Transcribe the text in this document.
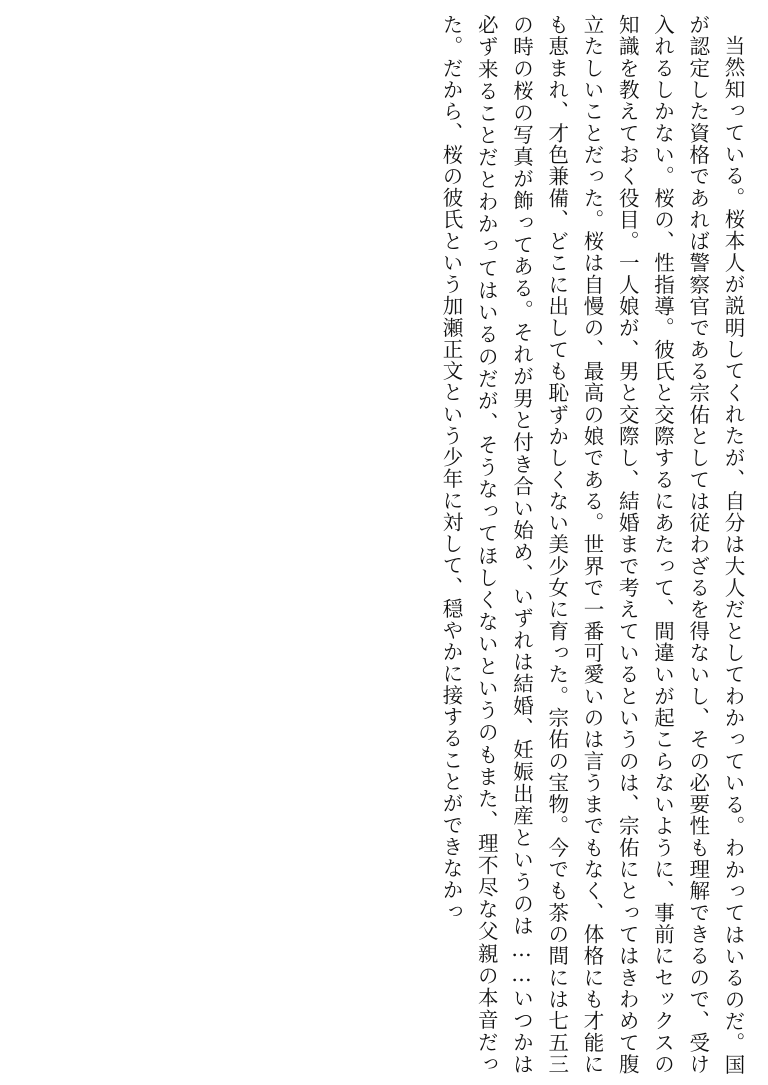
当然知っている。桜本人が説明してくれたが、自分は大人だとしてわかっている。わかってはいるのだ。国が認定した資格であれば警察官である宗佑としては従わざるを得ないし、その必要性も理解できるので、受け入れるしかない。桜の、性指導。彼氏と交際するにあたって、間違いが起こらないように、事前にセックスの知識を教えておく役目。一人娘が、男と交際し、結婚まで考えているというのは、宗佑にとってはきわめて腹立たしいことだった。桜は自慢の、最高の娘である。世界で一番可愛いのは言うまでもなく、体格にも才能にも恵まれ、才色兼備、どこに出しても恥ずかしくない美少女に育った。宗佑の宝物。今でも茶の間には七五三の時の桜の写真が飾ってある。それが男と付き合い始め、いずれは結婚、妊娠出産というのは……いつかは必ず来ることだとわかってはいるのだが、そうなってほしくないというのもまた、理不尽な父親の本音だった。だから、桜の彼氏という加瀬正文という少年に対して、穏やかに接することができなかっ
